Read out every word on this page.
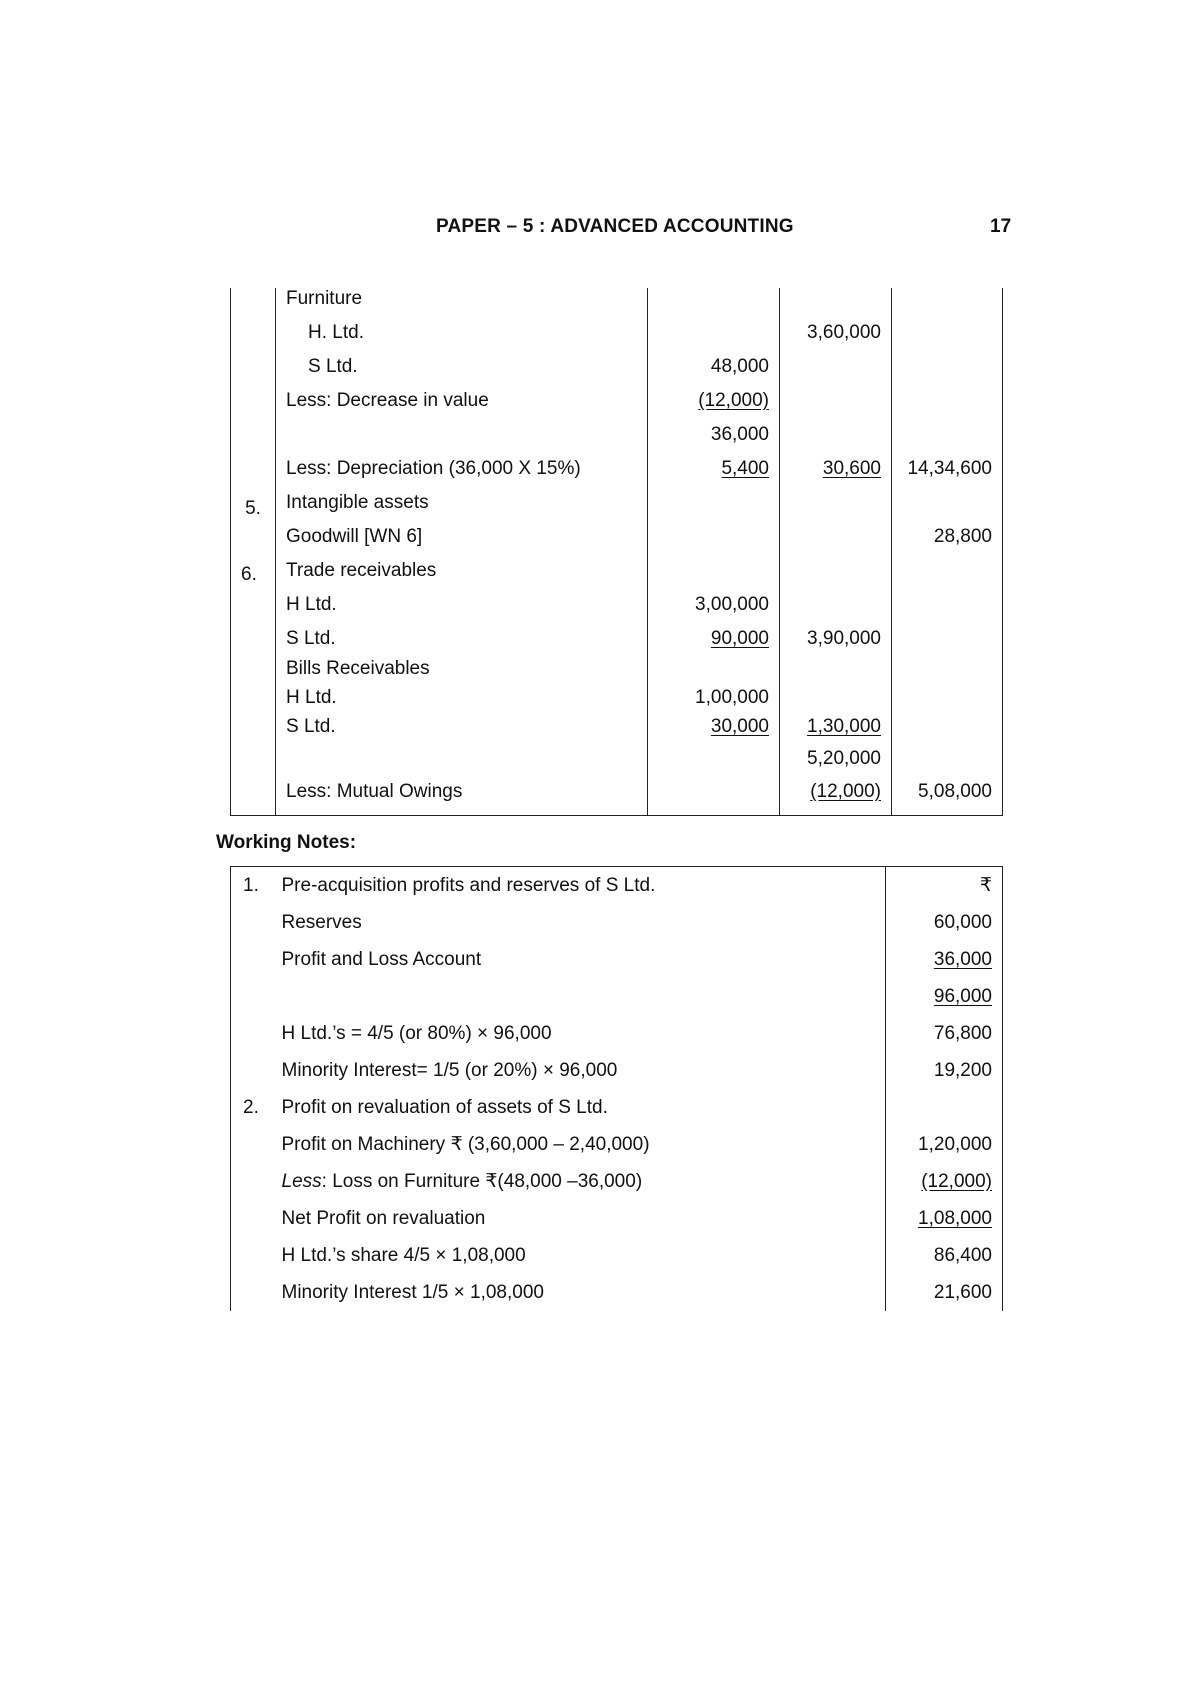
PAPER – 5 : ADVANCED ACCOUNTING	17
	Furniture			
	H. Ltd.		3,60,000	
	S Ltd.	48,000		
	Less: Decrease in value	(12,000)		
		36,000		
	Less: Depreciation (36,000 X 15%)	5,400	30,600	14,34,600
5.	Intangible assets			
	Goodwill [WN 6]			28,800
6.	Trade receivables			
	H Ltd.	3,00,000		
	S Ltd.	90,000	3,90,000	
	Bills Receivables			
	H Ltd.	1,00,000		
	S Ltd.	30,000	1,30,000	
			5,20,000	
	Less: Mutual Owings		(12,000)	5,08,000
Working Notes:
1.	Pre-acquisition profits and reserves of S Ltd.	₹
	Reserves	60,000
	Profit and Loss Account	36,000
		96,000
	H Ltd.’s = 4/5 (or 80%) × 96,000	76,800
	Minority Interest= 1/5 (or 20%) × 96,000	19,200
2.	Profit on revaluation of assets of S Ltd.	
	Profit on Machinery ₹ (3,60,000 – 2,40,000)	1,20,000
	Less: Loss on Furniture ₹(48,000 –36,000)	(12,000)
	Net Profit on revaluation	1,08,000
	H Ltd.’s share 4/5 × 1,08,000	86,400
	Minority Interest 1/5 × 1,08,000	21,600
